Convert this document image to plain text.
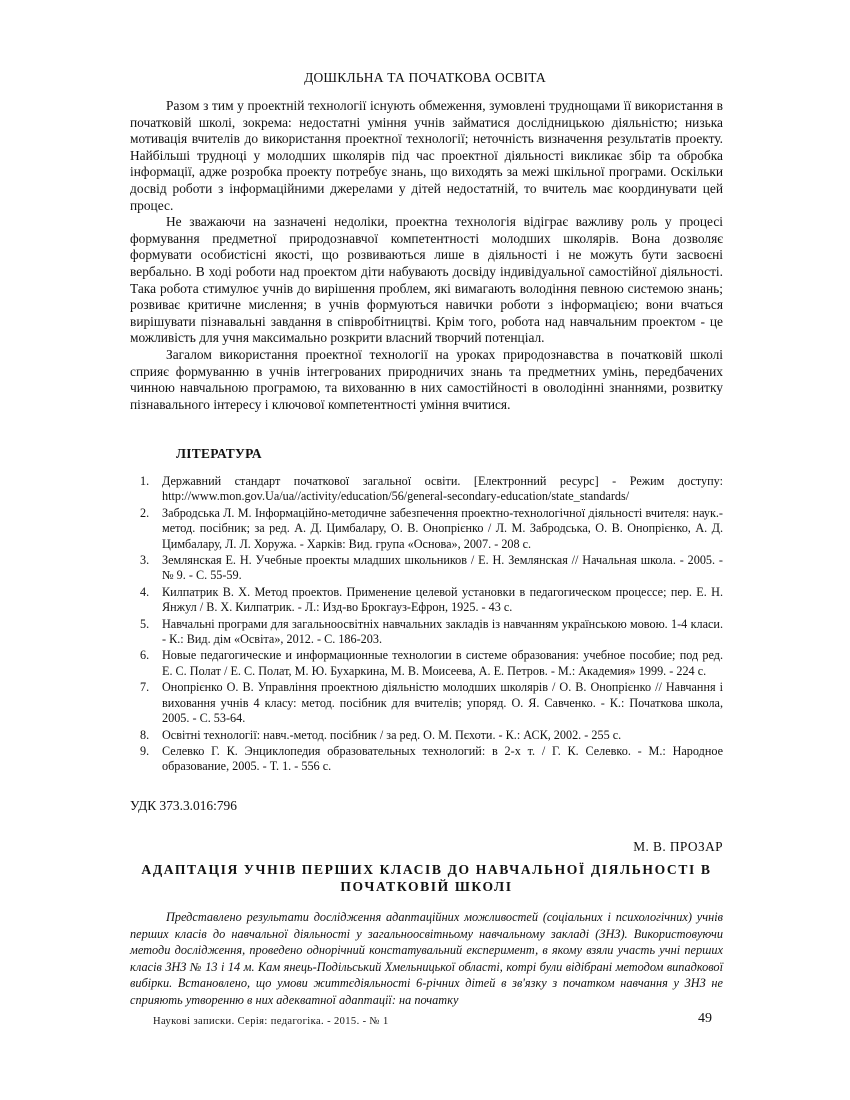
ДОШКЛЬНА ТА ПОЧАТКОВА ОСВІТА

Разом з тим у проектній технології існують обмеження, зумовлені труднощами її використання в початковій школі, зокрема: недостатні уміння учнів займатися дослідницькою діяльністю; низька мотивація вчителів до використання проектної технології; неточність визначення результатів проекту. Найбільші трудноці у молодших школярів під час проектної діяльності викликає збір та обробка інформації, адже розробка проекту потребує знань, що виходять за межі шкільної програми. Оскільки досвід роботи з інформаційними джерелами у дітей недостатній, то вчитель має координувати цей процес.

Не зважаючи на зазначені недоліки, проектна технологія відіграє важливу роль у процесі формування предметної природознавчої компетентності молодших школярів. Вона дозволяє формувати особистісні якості, що розвиваються лише в діяльності і не можуть бути засвоєні вербально. В ході роботи над проектом діти набувають досвіду індивідуальної самостійної діяльності. Така робота стимулює учнів до вирішення проблем, які вимагають володіння певною системою знань; розвиває критичне мислення; в учнів формуються навички роботи з інформацією; вони вчаться вирішувати пізнавальні завдання в співробітництві. Крім того, робота над навчальним проектом - це можливість для учня максимально розкрити власний творчий потенціал.

Загалом використання проектної технології на уроках природознавства в початковій школі сприяє формуванню в учнів інтегрованих природничих знань та предметних умінь, передбачених чинною навчальною програмою, та вихованню в них самостійності в оволодінні знаннями, розвитку пізнавального інтересу і ключової компетентності уміння вчитися.

ЛІТЕРАТУРА
1.	Державний стандарт початкової загальної освіти. [Електронний ресурс] - Режим доступу: http://www.mon.gov.Ua/ua//activity/education/56/general-secondary-education/state_standards/
2.	Забродська Л. М. Інформаційно-методичне забезпечення проектно-технологічної діяльності вчителя: наук.-метод. посібник; за ред. А. Д. Цимбалару, О. В. Онопрієнко / Л. М. Забродська, О. В. Онопрієнко, А. Д. Цимбалару, Л. Л. Хоружа. - Харків: Вид. група «Основа», 2007. - 208 с.
3.	Землянская Е. Н. Учебные проекты младших школьников / Е. Н. Землянская // Начальная школа. - 2005. - № 9. - С. 55-59.
4.	Килпатрик В. Х. Метод проектов. Применение целевой установки в педагогическом процессе; пер. Е. Н. Янжул / В. Х. Килпатрик. - Л.: Изд-во Брокгауз-Ефрон, 1925. - 43 с.
5.	Навчальні програми для загальноосвітніх навчальних закладів із навчанням українською мовою. 1-4 класи. - К.: Вид. дім «Освіта», 2012. - С. 186-203.
6.	Новые педагогические и информационные технологии в системе образования: учебное пособие; под ред. Е. С. Полат / Е. С. Полат, М. Ю. Бухаркина, М. В. Моисеева, А. Е. Петров. - М.: Академия» 1999. - 224 с.
7.	Онопрієнко О. В. Управління проектною діяльністю молодших школярів / О. В. Онопрієнко // Навчання і виховання учнів 4 класу: метод. посібник для вчителів; упоряд. О. Я. Савченко. - К.: Початкова школа, 2005. - С. 53-64.
8.	Освітні технології: навч.-метод. посібник / за ред. О. М. Пєхоти. - К.: АСК, 2002. - 255 с.
9.	Селевко Г. К. Энциклопедия образовательных технологий: в 2-х т. / Г. К. Селевко. - М.: Народное образование, 2005. - Т. 1. - 556 с.
УДК 373.3.016:796
М. В. ПРОЗАР
АДАПТАЦІЯ УЧНІВ ПЕРШИХ КЛАСІВ ДО НАВЧАЛЬНОЇ ДІЯЛЬНОСТІ В ПОЧАТКОВІЙ ШКОЛІ

Представлено результати дослідження адаптаційних можливостей (соціальних і психологічних) учнів перших класів до навчальної діяльності у загальноосвітньому навчальному закладі (ЗНЗ). Використовуючи методи дослідження, проведено однорічний констатувальний експеримент, в якому взяли участь учні перших класів ЗНЗ № 13 і 14 м. Кам янець-Подільський Хмельницької області, котрі були відібрані методом випадкової вибірки. Встановлено, що умови життєдіяльності 6-річних дітей в зв'язку з початком навчання у ЗНЗ не сприяють утворенню в них адекватної адаптації: на початку

Наукові записки. Серія: педагогіка. - 2015. - № 1	49
